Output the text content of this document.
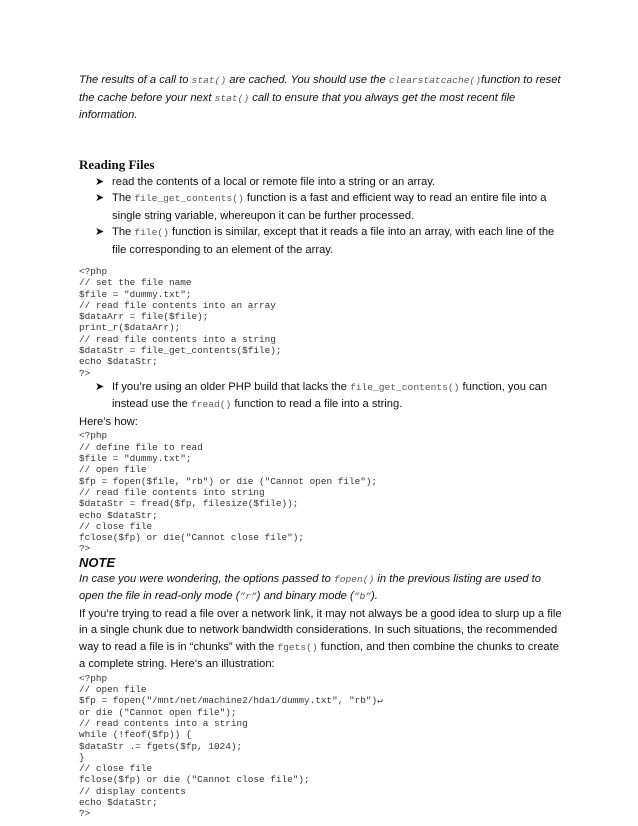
The results of a call to stat() are cached. You should use the clearstatcache()function to reset the cache before your next stat() call to ensure that you always get the most recent file information.

Reading Files

➤ read the contents of a local or remote file into a string or an array.
➤ The file_get_contents() function is a fast and efficient way to read an entire file into a single string variable, whereupon it can be further processed.
➤ The file() function is similar, except that it reads a file into an array, with each line of the file corresponding to an element of the array.
<?php
// set the file name
$file = "dummy.txt";
// read file contents into an array
$dataArr = file($file);
print_r($dataArr);
// read file contents into a string
$dataStr = file_get_contents($file);
echo $dataStr;
?>
➤ If you’re using an older PHP build that lacks the file_get_contents() function, you can instead use the fread() function to read a file into a string.

Here’s how:

<?php
// define file to read
$file = "dummy.txt";
// open file
$fp = fopen($file, "rb") or die ("Cannot open file");
// read file contents into string
$dataStr = fread($fp, filesize($file));
echo $dataStr;
// close file
fclose($fp) or die("Cannot close file");
?>

NOTE

In case you were wondering, the options passed to fopen() in the previous listing are used to open the file in read-only mode (”r”) and binary mode (”b”).

If you’re trying to read a file over a network link, it may not always be a good idea to slurp up a file in a single chunk due to network bandwidth considerations. In such situations, the recommended way to read a file is in “chunks” with the fgets() function, and then combine the chunks to create a complete string. Here’s an illustration:

<?php
// open file
$fp = fopen("/mnt/net/machine2/hda1/dummy.txt", "rb")↵
or die ("Cannot open file");
// read contents into a string
while (!feof($fp)) {
$dataStr .= fgets($fp, 1024);
}
// close file
fclose($fp) or die ("Cannot close file");
// display contents
echo $dataStr;
?>
